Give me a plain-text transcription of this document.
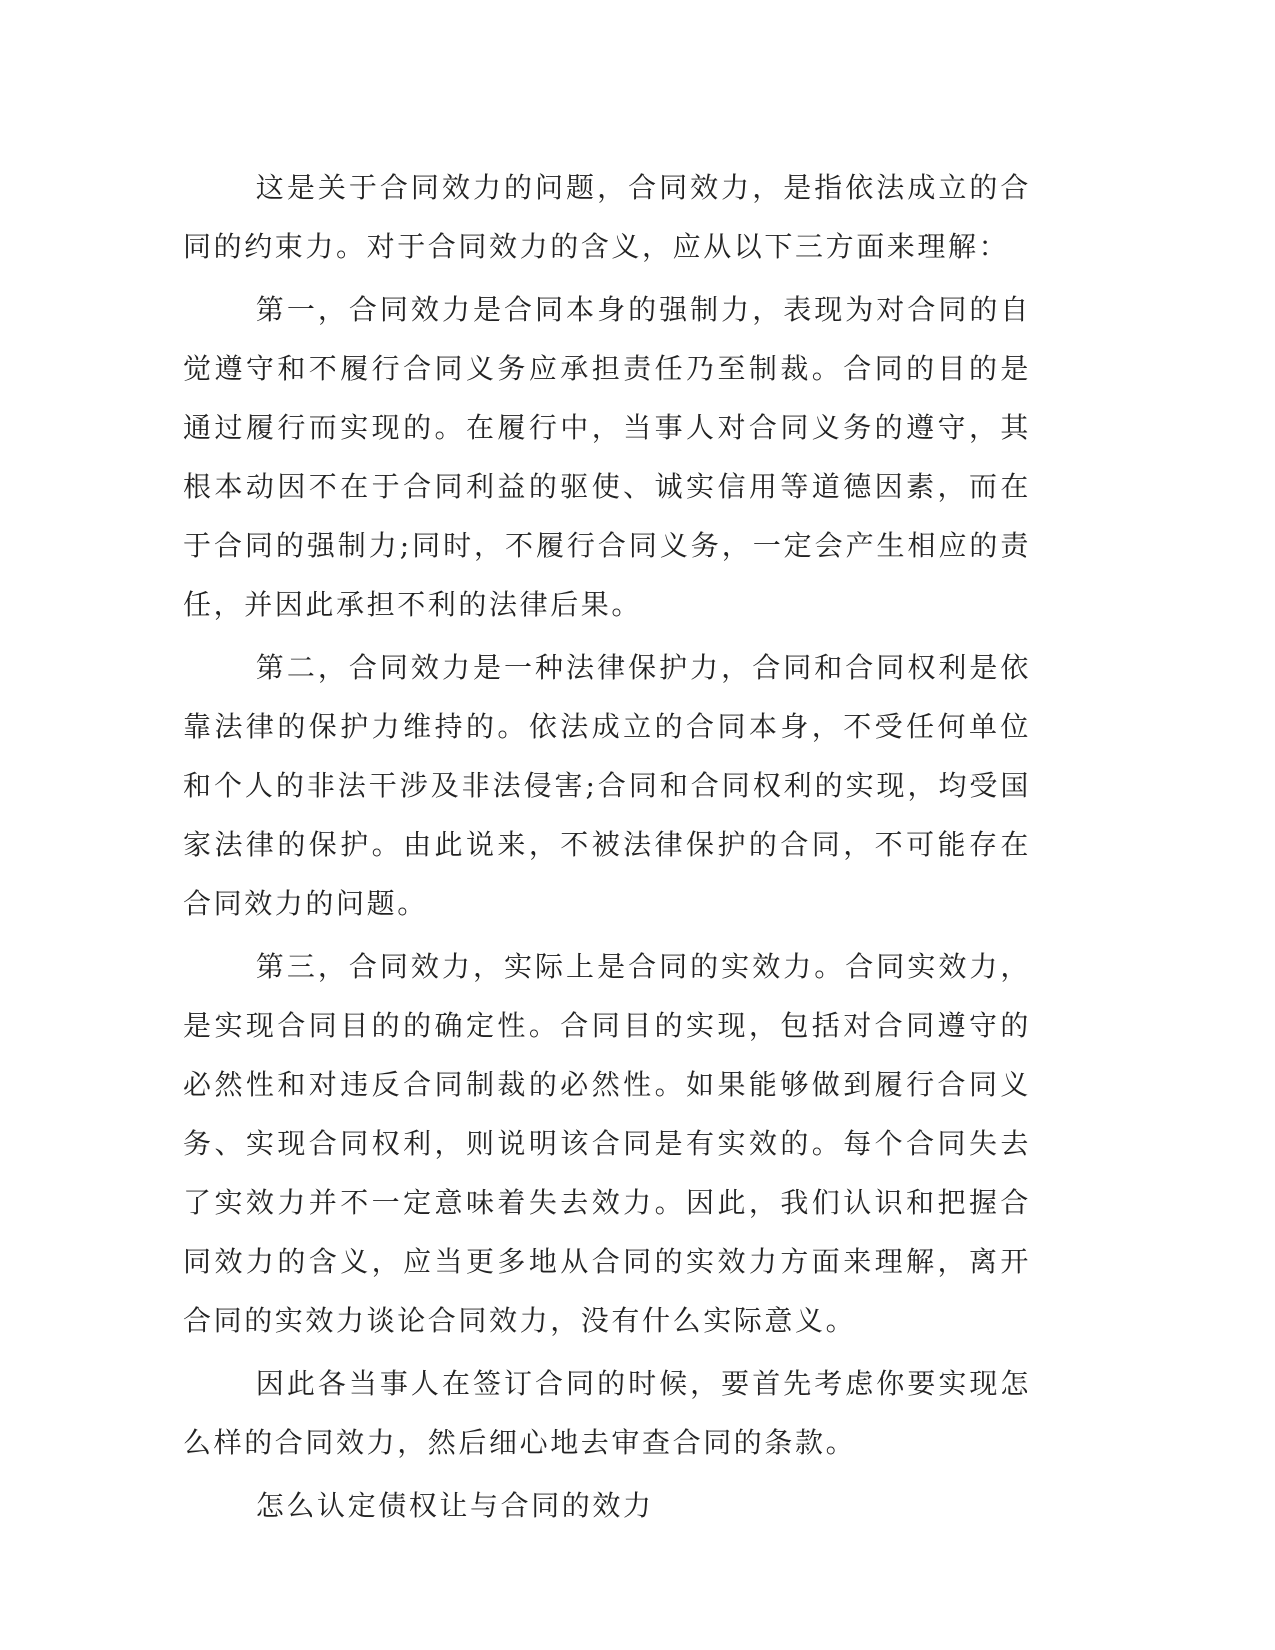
这是关于合同效力的问题，合同效力，是指依法成立的合同的约束力。对于合同效力的含义，应从以下三方面来理解：

第一，合同效力是合同本身的强制力，表现为对合同的自觉遵守和不履行合同义务应承担责任乃至制裁。合同的目的是通过履行而实现的。在履行中，当事人对合同义务的遵守，其根本动因不在于合同利益的驱使、诚实信用等道德因素，而在于合同的强制力;同时，不履行合同义务，一定会产生相应的责任，并因此承担不利的法律后果。

第二，合同效力是一种法律保护力，合同和合同权利是依靠法律的保护力维持的。依法成立的合同本身，不受任何单位和个人的非法干涉及非法侵害;合同和合同权利的实现，均受国家法律的保护。由此说来，不被法律保护的合同，不可能存在合同效力的问题。

第三，合同效力，实际上是合同的实效力。合同实效力，是实现合同目的的确定性。合同目的实现，包括对合同遵守的必然性和对违反合同制裁的必然性。如果能够做到履行合同义务、实现合同权利，则说明该合同是有实效的。每个合同失去了实效力并不一定意味着失去效力。因此，我们认识和把握合同效力的含义，应当更多地从合同的实效力方面来理解，离开合同的实效力谈论合同效力，没有什么实际意义。

因此各当事人在签订合同的时候，要首先考虑你要实现怎么样的合同效力，然后细心地去审查合同的条款。

怎么认定债权让与合同的效力
